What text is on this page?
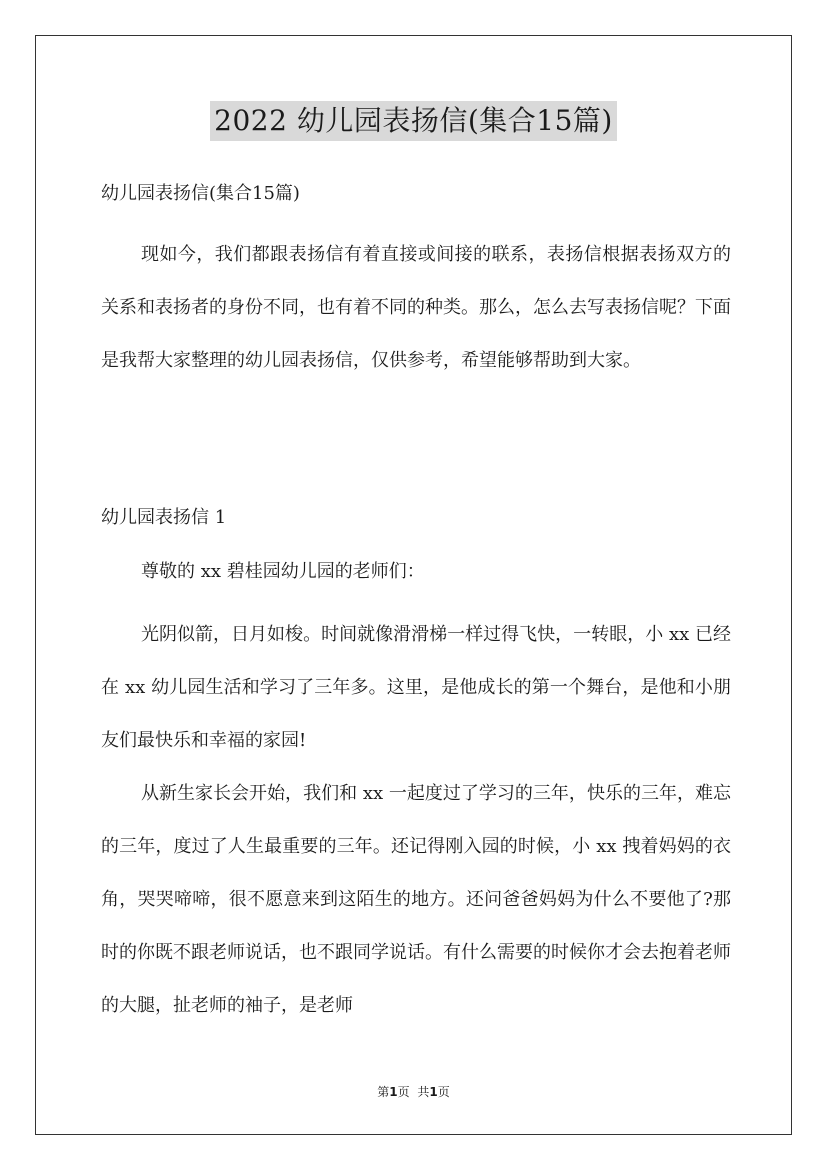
2022 幼儿园表扬信(集合15篇)

幼儿园表扬信(集合15篇)

现如今，我们都跟表扬信有着直接或间接的联系，表扬信根据表扬双方的关系和表扬者的身份不同，也有着不同的种类。那么，怎么去写表扬信呢？下面是我帮大家整理的幼儿园表扬信，仅供参考，希望能够帮助到大家。

幼儿园表扬信 1

尊敬的 xx 碧桂园幼儿园的老师们：

光阴似箭，日月如梭。时间就像滑滑梯一样过得飞快，一转眼，小 xx 已经在 xx 幼儿园生活和学习了三年多。这里，是他成长的第一个舞台，是他和小朋友们最快乐和幸福的家园!

从新生家长会开始，我们和 xx 一起度过了学习的三年，快乐的三年，难忘的三年，度过了人生最重要的三年。还记得刚入园的时候，小 xx 拽着妈妈的衣角，哭哭啼啼，很不愿意来到这陌生的地方。还问爸爸妈妈为什么不要他了?那时的你既不跟老师说话，也不跟同学说话。有什么需要的时候你才会去抱着老师的大腿，扯老师的袖子，是老师

第1页 共1页
